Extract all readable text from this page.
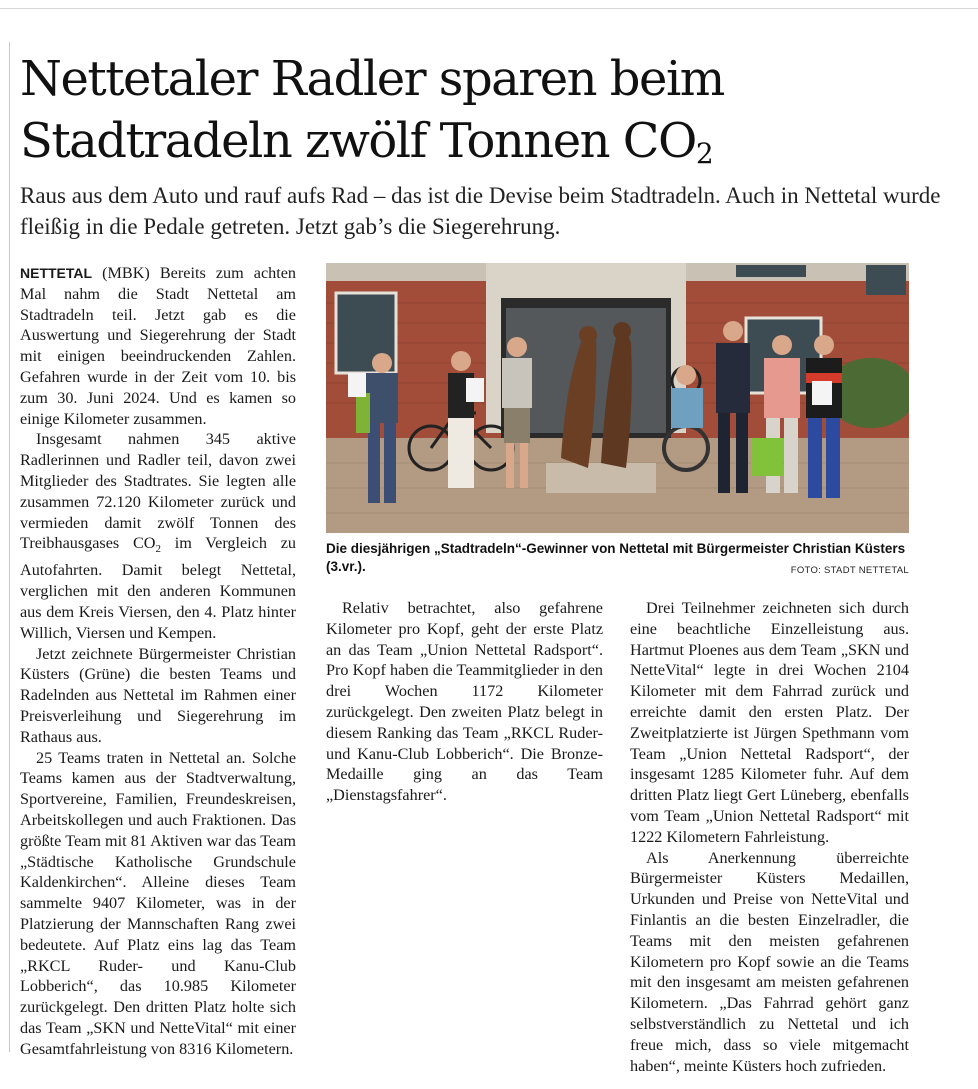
Nettetaler Radler sparen beim
Stadtradeln zwölf Tonnen $CO_2$

Raus aus dem Auto und rauf aufs Rad – das ist die Devise beim Stadtradeln. Auch in Nettetal wurde fleißig in die Pedale getreten. Jetzt gab’s die Siegerehrung.

NETTETAL (MBK) Bereits zum achten Mal nahm die Stadt Nettetal am Stadtradeln teil. Jetzt gab es die Auswertung und Siegerehrung der Stadt mit einigen beeindruckenden Zahlen. Gefahren wurde in der Zeit vom 10. bis zum 30. Juni 2024. Und es kamen so einige Kilometer zusammen.

Insgesamt nahmen 345 aktive Radlerinnen und Radler teil, davon zwei Mitglieder des Stadtrates. Sie legten alle zusammen 72.120 Kilometer zurück und vermieden damit zwölf Tonnen des Treibhausgases $CO_2$ im Vergleich zu Autofahrten. Damit belegt Nettetal, verglichen mit den anderen Kommunen aus dem Kreis Viersen, den 4. Platz hinter Willich, Viersen und Kempen.

Jetzt zeichnete Bürgermeister Christian Küsters (Grüne) die besten Teams und Radelnden aus Nettetal im Rahmen einer Preisverleihung und Siegerehrung im Rathaus aus.

25 Teams traten in Nettetal an. Solche Teams kamen aus der Stadtverwaltung, Sportvereine, Familien, Freundeskreisen, Arbeitskollegen und auch Fraktionen. Das größte Team mit 81 Aktiven war das Team „Städtische Katholische Grundschule Kaldenkirchen“. Alleine dieses Team sammelte 9407 Kilometer, was in der Platzierung der Mannschaften Rang zwei bedeutete. Auf Platz eins lag das Team „RKCL Ruder- und Kanu-Club Lobberich“, das 10.985 Kilometer zurückgelegt. Den dritten Platz holte sich das Team „SKN und NetteVital“ mit einer Gesamtfahrleistung von 8316 Kilometern.

Die diesjährigen „Stadtradeln“-Gewinner von Nettetal mit Bürgermeister Christian Küsters (3.vr.).	FOTO: STADT NETTETAL

Relativ betrachtet, also gefahrene Kilometer pro Kopf, geht der erste Platz an das Team „Union Nettetal Radsport“. Pro Kopf haben die Teammitglieder in den drei Wochen 1172 Kilometer zurückgelegt. Den zweiten Platz belegt in diesem Ranking das Team „RKCL Ruder- und Kanu-Club Lobberich“. Die Bronze-Medaille ging an das Team „Dienstagsfahrer“.

Drei Teilnehmer zeichneten sich durch eine beachtliche Einzelleistung aus. Hartmut Ploenes aus dem Team „SKN und NetteVital“ legte in drei Wochen 2104 Kilometer mit dem Fahrrad zurück und erreichte damit den ersten Platz. Der Zweitplatzierte ist Jürgen Spethmann vom Team „Union Nettetal Radsport“, der insgesamt 1285 Kilometer fuhr. Auf dem dritten Platz liegt Gert Lüneberg, ebenfalls vom Team „Union Nettetal Radsport“ mit 1222 Kilometern Fahrleistung.

Als Anerkennung überreichte Bürgermeister Küsters Medaillen, Urkunden und Preise von NetteVital und Finlantis an die besten Einzelradler, die Teams mit den meisten gefahrenen Kilometern pro Kopf sowie an die Teams mit den insgesamt am meisten gefahrenen Kilometern. „Das Fahrrad gehört ganz selbstverständlich zu Nettetal und ich freue mich, dass so viele mitgemacht haben“, meinte Küsters hoch zufrieden.
